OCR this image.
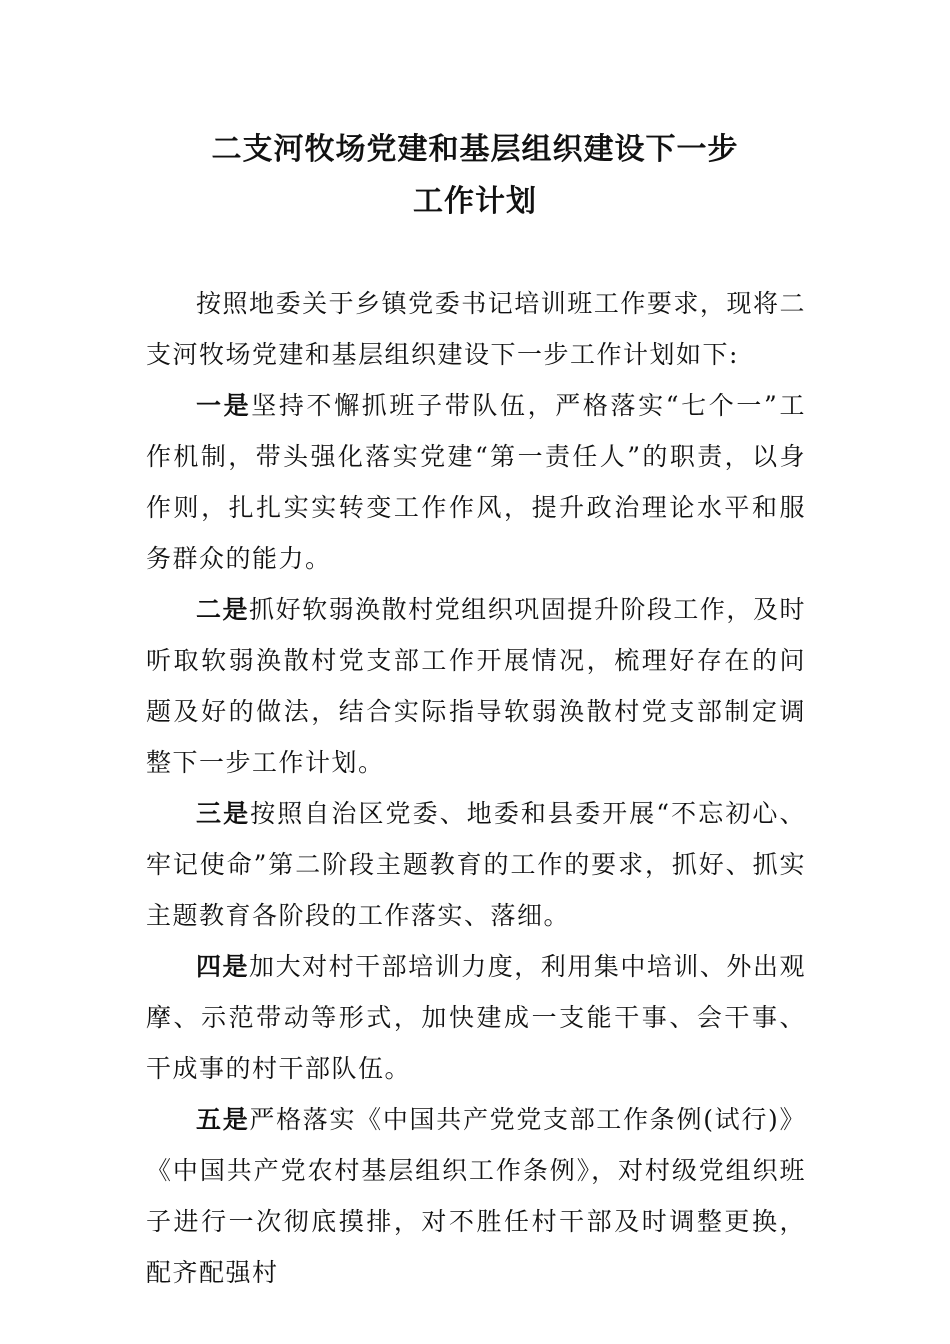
二支河牧场党建和基层组织建设下一步

工作计划

按照地委关于乡镇党委书记培训班工作要求，现将二支河牧场党建和基层组织建设下一步工作计划如下:

一是坚持不懈抓班子带队伍，严格落实“七个一”工作机制，带头强化落实党建“第一责任人”的职责，以身作则，扎扎实实转变工作作风，提升政治理论水平和服务群众的能力。

二是抓好软弱涣散村党组织巩固提升阶段工作，及时听取软弱涣散村党支部工作开展情况，梳理好存在的问题及好的做法，结合实际指导软弱涣散村党支部制定调整下一步工作计划。

三是按照自治区党委、地委和县委开展“不忘初心、牢记使命”第二阶段主题教育的工作的要求，抓好、抓实主题教育各阶段的工作落实、落细。

四是加大对村干部培训力度，利用集中培训、外出观摩、示范带动等形式，加快建成一支能干事、会干事、干成事的村干部队伍。

五是严格落实《中国共产党党支部工作条例(试行)》《中国共产党农村基层组织工作条例》，对村级党组织班子进行一次彻底摸排，对不胜任村干部及时调整更换，配齐配强村
